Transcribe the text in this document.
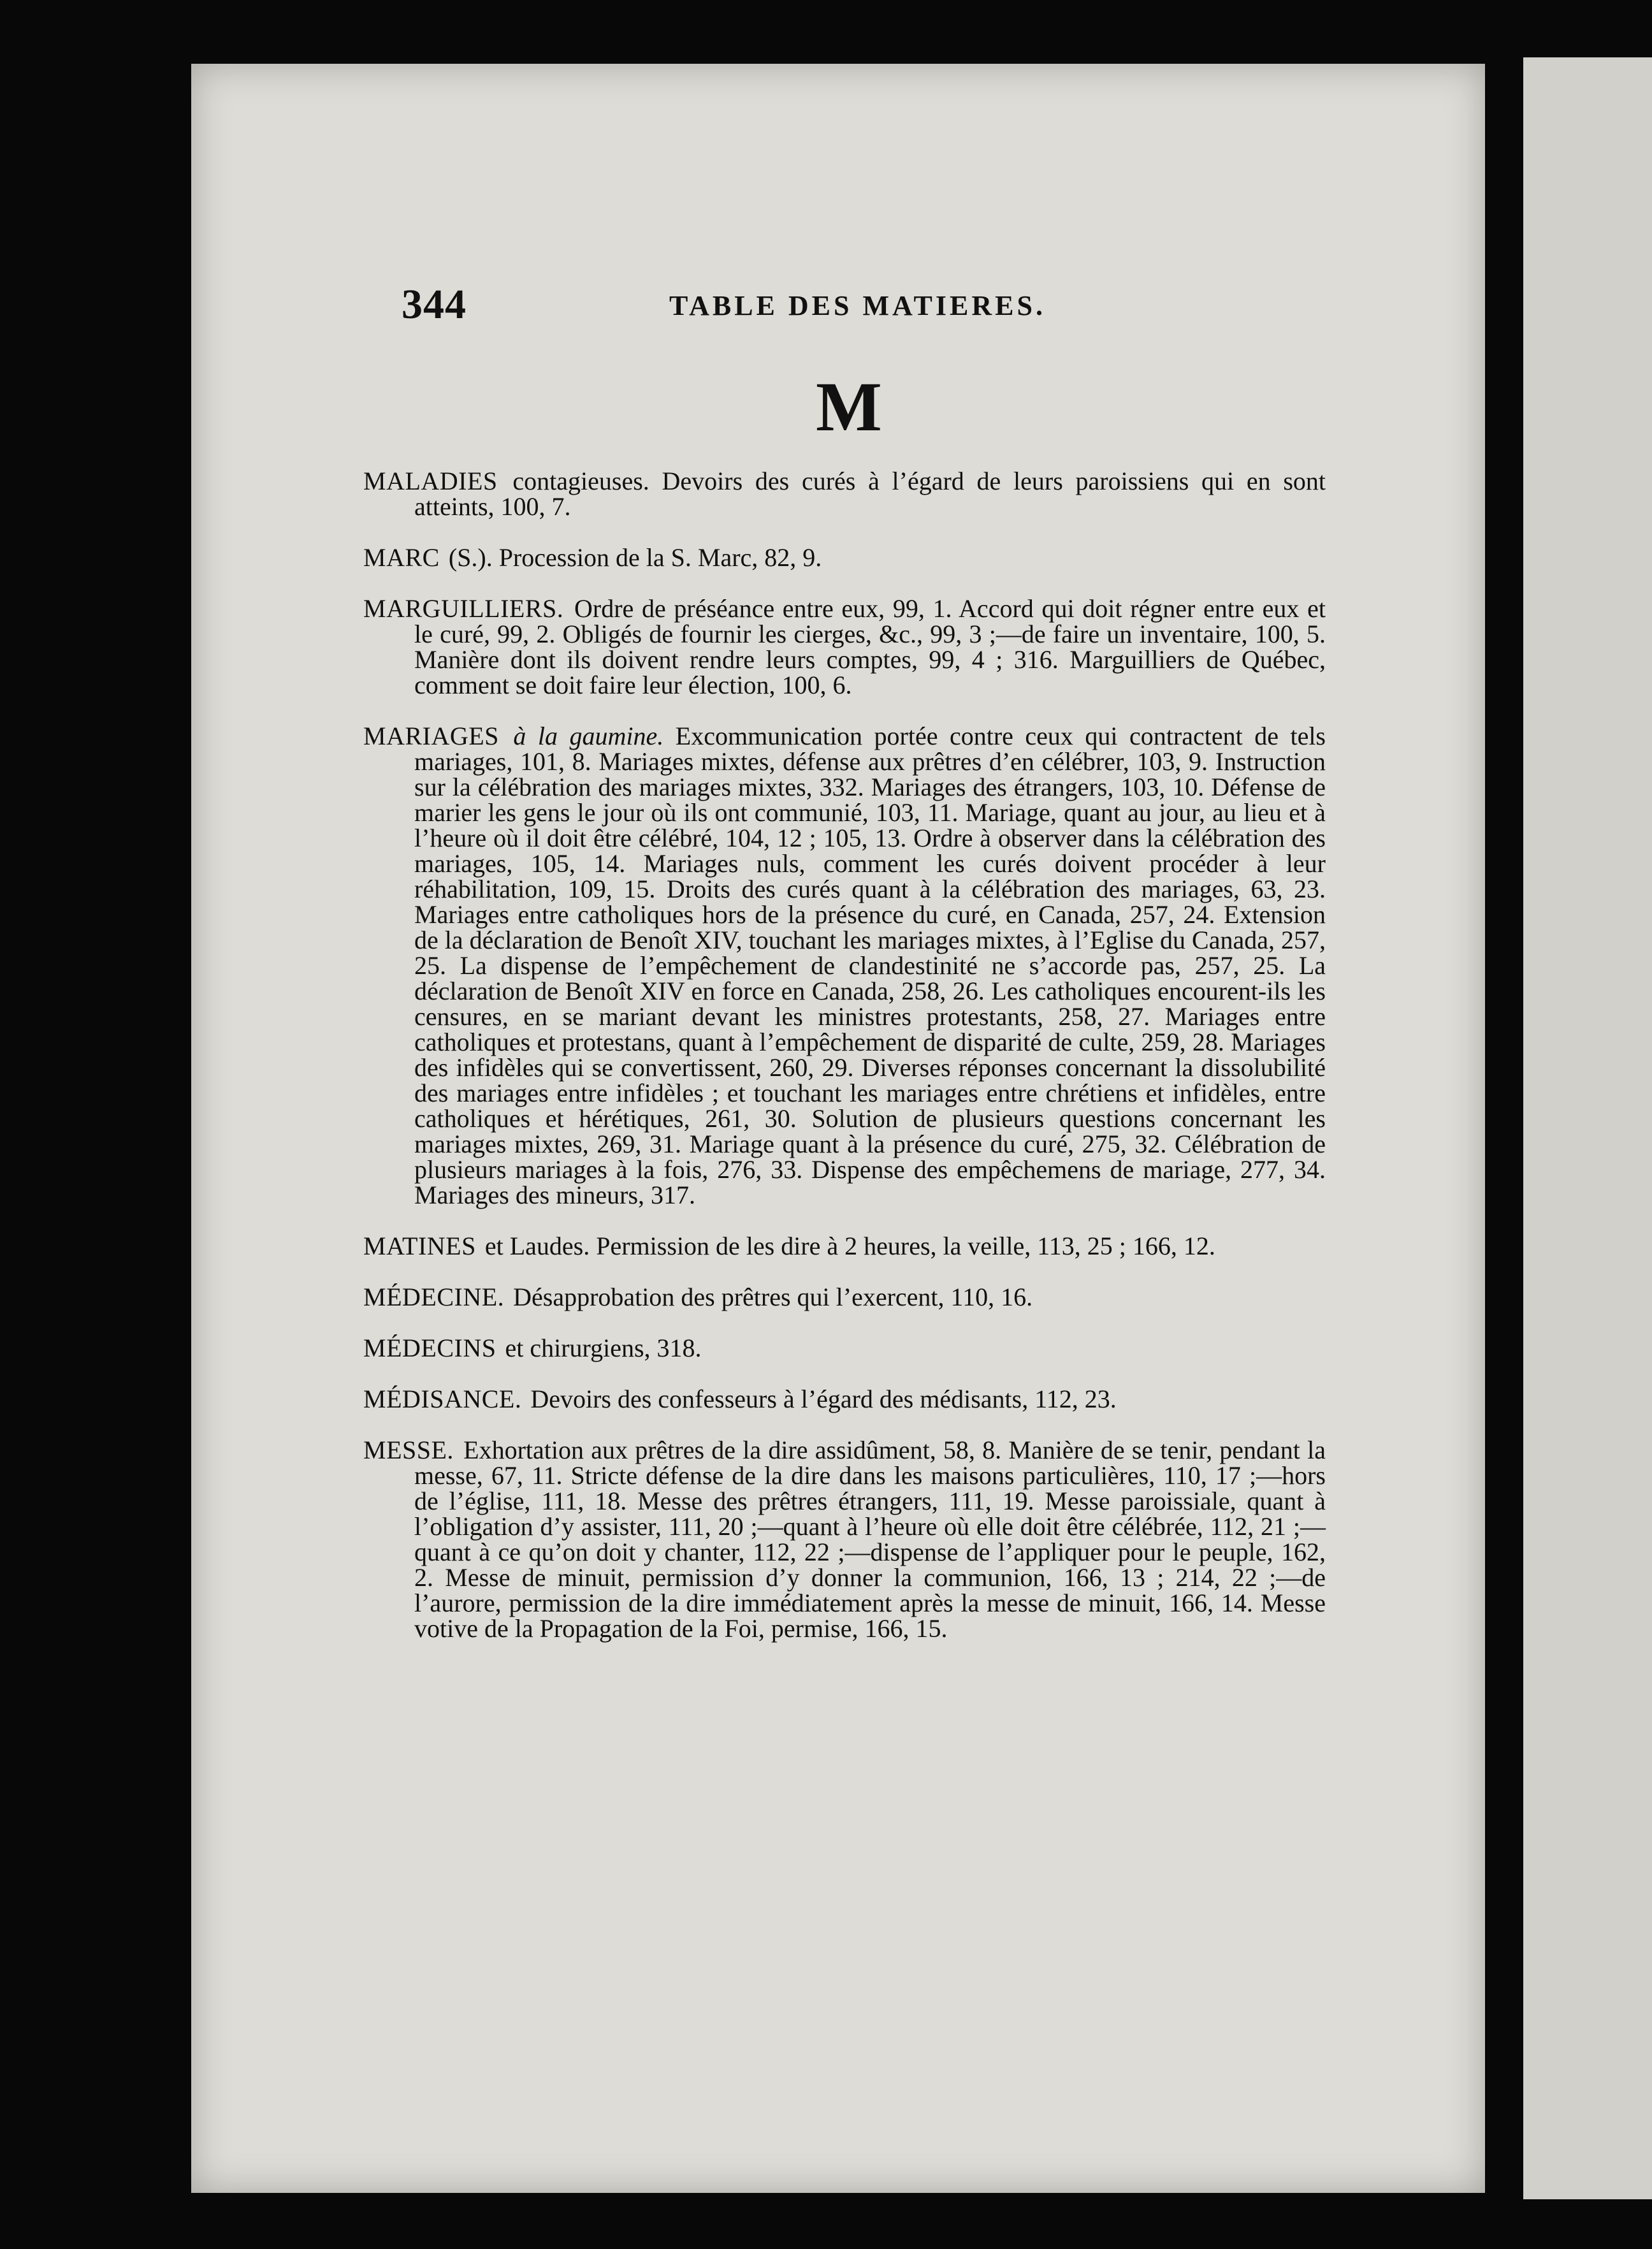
344	TABLE DES MATIERES.
M

MALADIES contagieuses. Devoirs des curés à l’égard de leurs paroissiens qui en sont atteints, 100, 7.

MARC (S.). Procession de la S. Marc, 82, 9.

MARGUILLIERS. Ordre de préséance entre eux, 99, 1. Accord qui doit régner entre eux et le curé, 99, 2. Obligés de fournir les cierges, &c., 99, 3 ;—de faire un inventaire, 100, 5. Manière dont ils doivent rendre leurs comptes, 99, 4 ; 316. Marguilliers de Québec, comment se doit faire leur élection, 100, 6.

MARIAGES à la gaumine. Excommunication portée contre ceux qui contractent de tels mariages, 101, 8. Mariages mixtes, défense aux prêtres d’en célébrer, 103, 9. Instruction sur la célébration des mariages mixtes, 332. Mariages des étrangers, 103, 10. Défense de marier les gens le jour où ils ont communié, 103, 11. Mariage, quant au jour, au lieu et à l’heure où il doit être célébré, 104, 12 ; 105, 13. Ordre à observer dans la célébration des mariages, 105, 14. Mariages nuls, comment les curés doivent procéder à leur réhabilitation, 109, 15. Droits des curés quant à la célébration des mariages, 63, 23. Mariages entre catholiques hors de la présence du curé, en Canada, 257, 24. Extension de la déclaration de Benoît XIV, touchant les mariages mixtes, à l’Eglise du Canada, 257, 25. La dispense de l’empêchement de clandestinité ne s’accorde pas, 257, 25. La déclaration de Benoît XIV en force en Canada, 258, 26. Les catholiques encourent-ils les censures, en se mariant devant les ministres protestants, 258, 27. Mariages entre catholiques et protestans, quant à l’empêchement de disparité de culte, 259, 28. Mariages des infidèles qui se convertissent, 260, 29. Diverses réponses concernant la dissolubilité des mariages entre infidèles ; et touchant les mariages entre chrétiens et infidèles, entre catholiques et hérétiques, 261, 30. Solution de plusieurs questions concernant les mariages mixtes, 269, 31. Mariage quant à la présence du curé, 275, 32. Célébration de plusieurs mariages à la fois, 276, 33. Dispense des empêchemens de mariage, 277, 34. Mariages des mineurs, 317.

MATINES et Laudes. Permission de les dire à 2 heures, la veille, 113, 25 ; 166, 12.

MÉDECINE. Désapprobation des prêtres qui l’exercent, 110, 16.

MÉDECINS et chirurgiens, 318.

MÉDISANCE. Devoirs des confesseurs à l’égard des médisants, 112, 23.

MESSE. Exhortation aux prêtres de la dire assidûment, 58, 8. Manière de se tenir, pendant la messe, 67, 11. Stricte défense de la dire dans les maisons particulières, 110, 17 ;—hors de l’église, 111, 18. Messe des prêtres étrangers, 111, 19. Messe paroissiale, quant à l’obligation d’y assister, 111, 20 ;—quant à l’heure où elle doit être célébrée, 112, 21 ;—quant à ce qu’on doit y chanter, 112, 22 ;—dispense de l’appliquer pour le peuple, 162, 2. Messe de minuit, permission d’y donner la communion, 166, 13 ; 214, 22 ;—de l’aurore, permission de la dire immédiatement après la messe de minuit, 166, 14. Messe votive de la Propagation de la Foi, permise, 166, 15.
